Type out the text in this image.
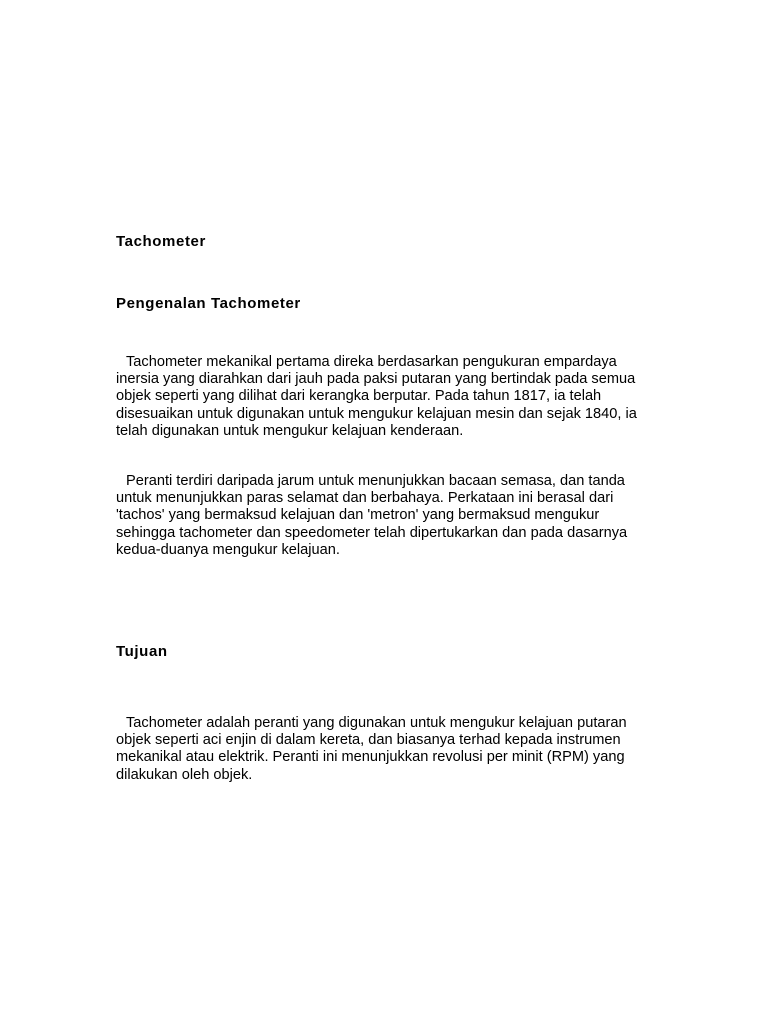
Tachometer
Pengenalan Tachometer

Tachometer mekanikal pertama direka berdasarkan pengukuran empardaya inersia yang diarahkan dari jauh pada paksi putaran yang bertindak pada semua objek seperti yang dilihat dari kerangka berputar. Pada tahun 1817, ia telah disesuaikan untuk digunakan untuk mengukur kelajuan mesin dan sejak 1840, ia telah digunakan untuk mengukur kelajuan kenderaan.

Peranti terdiri daripada jarum untuk menunjukkan bacaan semasa, dan tanda untuk menunjukkan paras selamat dan berbahaya. Perkataan ini berasal dari 'tachos' yang bermaksud kelajuan dan 'metron' yang bermaksud mengukur sehingga tachometer dan speedometer telah dipertukarkan dan pada dasarnya kedua-duanya mengukur kelajuan.

Tujuan

Tachometer adalah peranti yang digunakan untuk mengukur kelajuan putaran objek seperti aci enjin di dalam kereta, dan biasanya terhad kepada instrumen mekanikal atau elektrik. Peranti ini menunjukkan revolusi per minit (RPM) yang dilakukan oleh objek.
